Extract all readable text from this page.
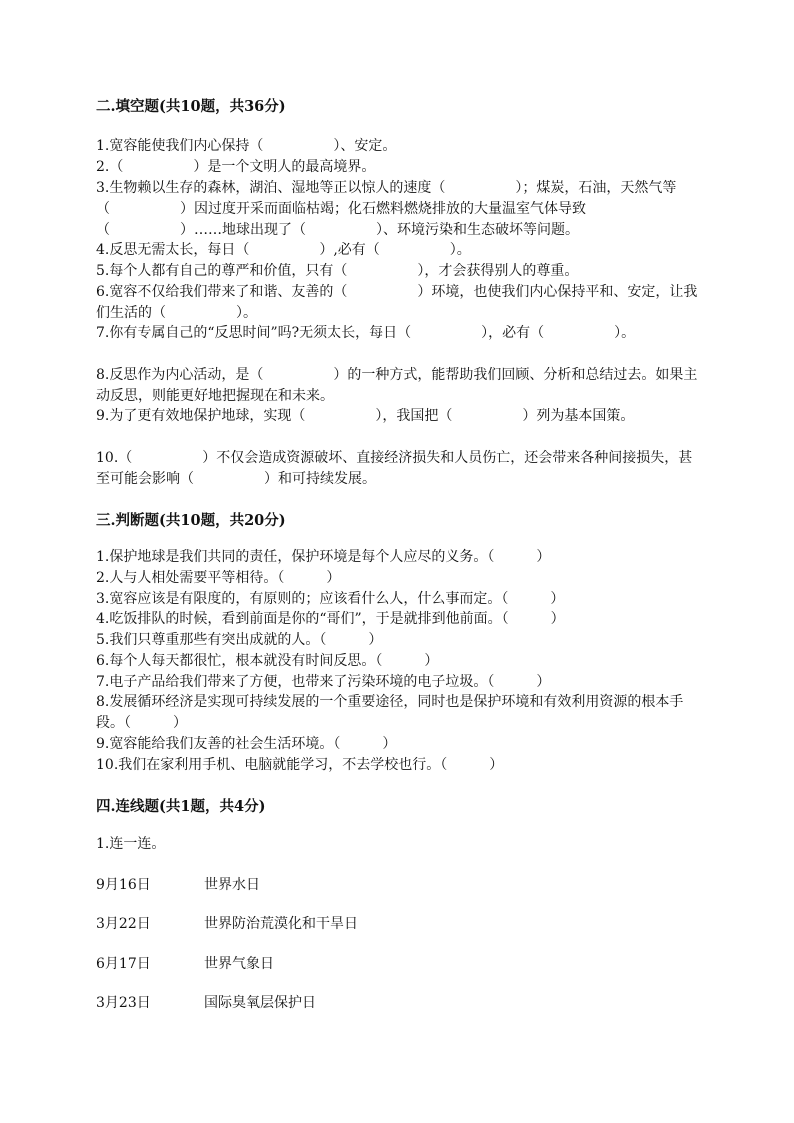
二.填空题(共10题，共36分)
1.宽容能使我们内心保持（　　　　　）、安定。
2.（　　　　　）是一个文明人的最高境界。
3.生物赖以生存的森林，湖泊、湿地等正以惊人的速度（　　　　　）；煤炭，石油，天然气等（　　　　　）因过度开采而面临枯竭；化石燃料燃烧排放的大量温室气体导致（　　　　　）……地球出现了（　　　　　）、环境污染和生态破坏等问题。
4.反思无需太长，每日（　　　　　）,必有（　　　　　）。
5.每个人都有自己的尊严和价值，只有（　　　　　），才会获得别人的尊重。
6.宽容不仅给我们带来了和谐、友善的（　　　　　）环境，也使我们内心保持平和、安定，让我们生活的（　　　　　）。
7.你有专属自己的“反思时间”吗?无须太长，每日（　　　　　），必有（　　　　　）。
8.反思作为内心活动，是（　　　　　）的一种方式，能帮助我们回顾、分析和总结过去。如果主动反思，则能更好地把握现在和未来。
9.为了更有效地保护地球，实现（　　　　　），我国把（　　　　　）列为基本国策。
10.（　　　　　）不仅会造成资源破坏、直接经济损失和人员伤亡，还会带来各种间接损失，甚至可能会影响（　　　　　）和可持续发展。
三.判断题(共10题，共20分)
1.保护地球是我们共同的责任，保护环境是每个人应尽的义务。（　　　）
2.人与人相处需要平等相待。（　　　）
3.宽容应该是有限度的，有原则的；应该看什么人，什么事而定。（　　　）
4.吃饭排队的时候，看到前面是你的“哥们”，于是就排到他前面。（　　　）
5.我们只尊重那些有突出成就的人。（　　　）
6.每个人每天都很忙，根本就没有时间反思。（　　　）
7.电子产品给我们带来了方便，也带来了污染环境的电子垃圾。（　　　）
8.发展循环经济是实现可持续发展的一个重要途径，同时也是保护环境和有效利用资源的根本手段。（　　　）
9.宽容能给我们友善的社会生活环境。（　　　）
10.我们在家利用手机、电脑就能学习，不去学校也行。（　　　）
四.连线题(共1题，共4分)
1.连一连。
9月16日	世界水日
3月22日	世界防治荒漠化和干旱日
6月17日	世界气象日
3月23日	国际臭氧层保护日
